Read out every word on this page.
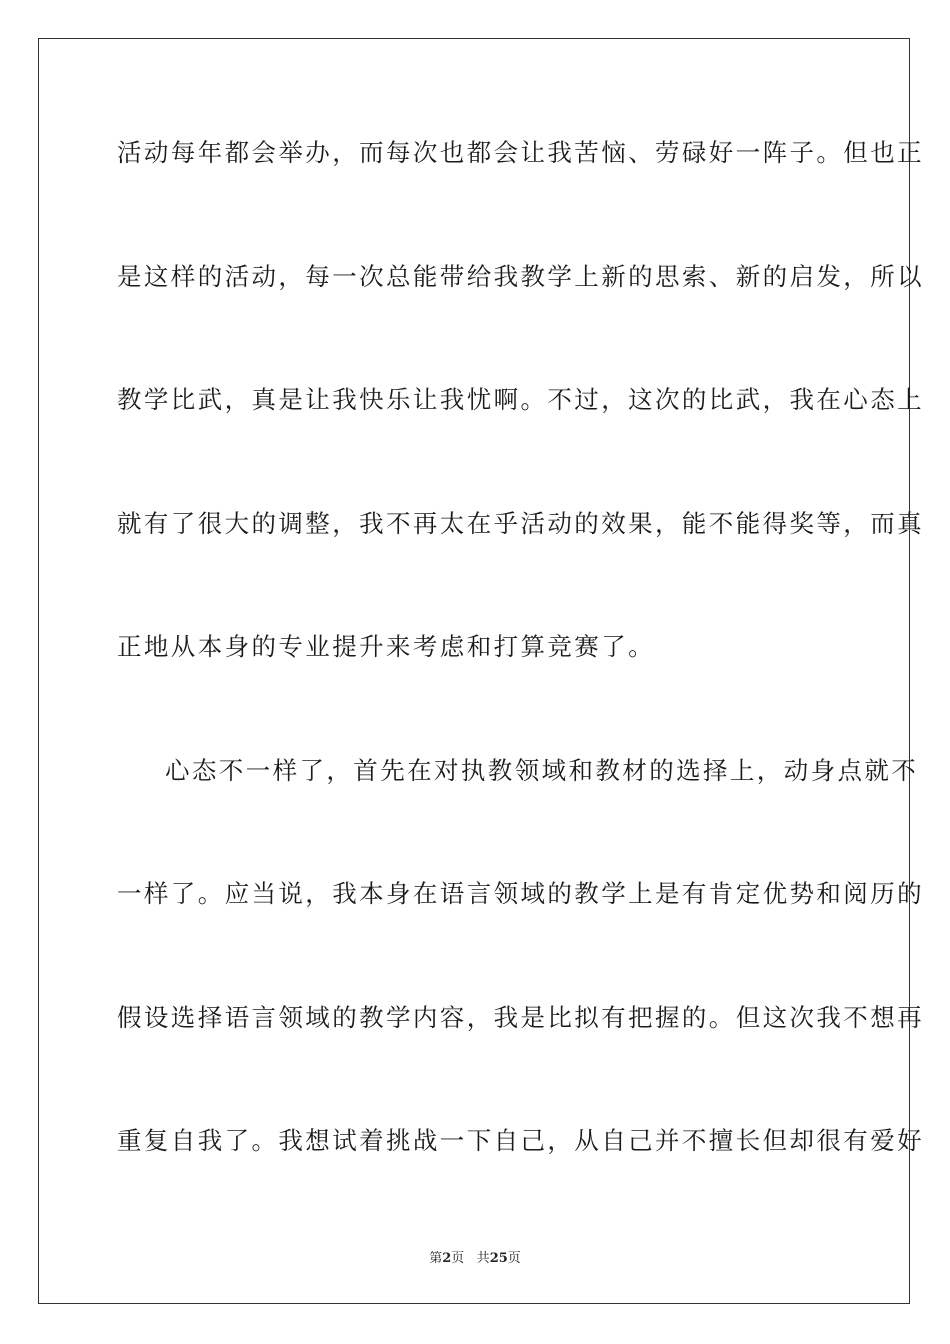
活动每年都会举办，而每次也都会让我苦恼、劳碌好一阵子。但也正
是这样的活动，每一次总能带给我教学上新的思索、新的启发，所以
教学比武，真是让我快乐让我忧啊。不过，这次的比武，我在心态上
就有了很大的调整，我不再太在乎活动的效果，能不能得奖等，而真
正地从本身的专业提升来考虑和打算竞赛了。
心态不一样了，首先在对执教领域和教材的选择上，动身点就不
一样了。应当说，我本身在语言领域的教学上是有肯定优势和阅历的
假设选择语言领域的教学内容，我是比拟有把握的。但这次我不想再
重复自我了。我想试着挑战一下自己，从自己并不擅长但却很有爱好
第2页 共25页
